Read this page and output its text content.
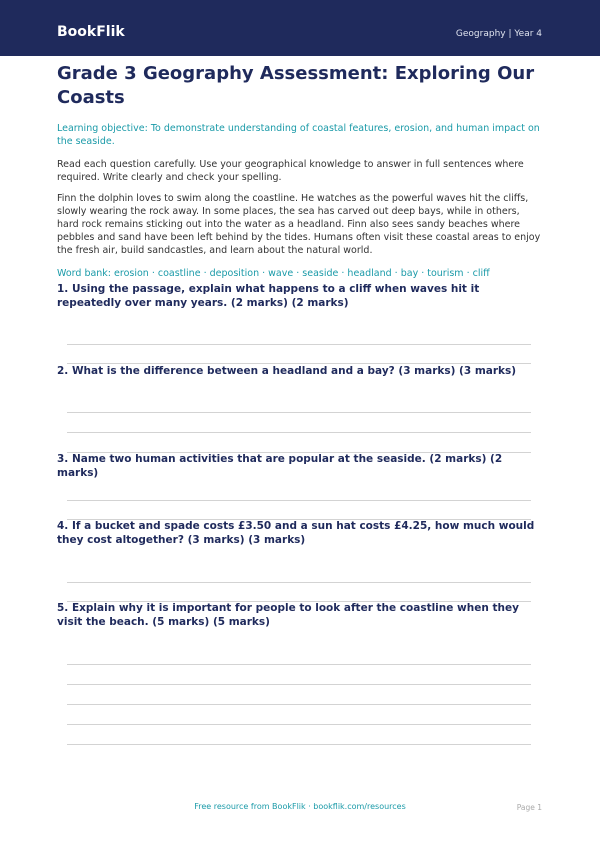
BookFlik	Geography | Year 4
Grade 3 Geography Assessment: Exploring Our Coasts

Learning objective: To demonstrate understanding of coastal features, erosion, and human impact on the seaside.

Read each question carefully. Use your geographical knowledge to answer in full sentences where required. Write clearly and check your spelling.

Finn the dolphin loves to swim along the coastline. He watches as the powerful waves hit the cliffs, slowly wearing the rock away. In some places, the sea has carved out deep bays, while in others, hard rock remains sticking out into the water as a headland. Finn also sees sandy beaches where pebbles and sand have been left behind by the tides. Humans often visit these coastal areas to enjoy the fresh air, build sandcastles, and learn about the natural world.

Word bank: erosion · coastline · deposition · wave · seaside · headland · bay · tourism · cliff

1. Using the passage, explain what happens to a cliff when waves hit it repeatedly over many years. (2 marks) (2 marks)
2. What is the difference between a headland and a bay? (3 marks) (3 marks)
3. Name two human activities that are popular at the seaside. (2 marks) (2 marks)
4. If a bucket and spade costs £3.50 and a sun hat costs £4.25, how much would they cost altogether? (3 marks) (3 marks)
5. Explain why it is important for people to look after the coastline when they visit the beach. (5 marks) (5 marks)
Free resource from BookFlik · bookflik.com/resources	Page 1
